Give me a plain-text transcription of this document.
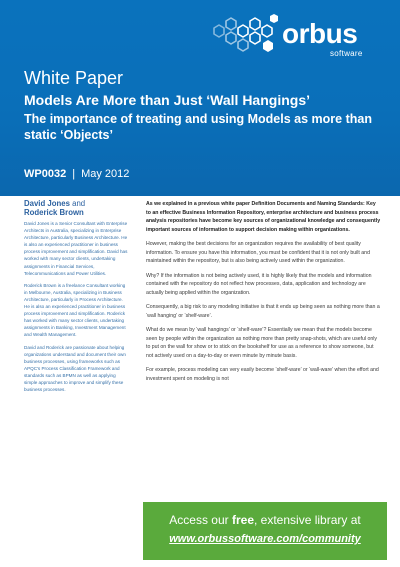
orbus
software
White Paper
Models Are More than Just ‘Wall Hangings’
The importance of treating and using Models as more than static ‘Objects’
WP0032 | May 2012
David Jones and
Roderick Brown

David Jones is a Senior Consultant with Enterprise Architects in Australia, specializing in Enterprise Architecture, particularly Business Architecture. He is also an experienced practitioner in business process improvement and simplification. David has worked with many sector clients, undertaking assignments in Financial Services, Telecommunications and Power Utilities.

Roderick Brown is a freelance Consultant working in Melbourne, Australia, specializing in Business Architecture, particularly in Process Architecture. He is also an experienced practitioner in business process improvement and simplification. Roderick has worked with many sector clients, undertaking assignments in Banking, Investment Management and Wealth Management.

David and Roderick are passionate about helping organizations understand and document their own business processes, using frameworks such as APQC's Process Classification Framework and standards such as BPMN as well as applying simple approaches to improve and simplify these business processes.

As we explained in a previous white paper Definition Documents and Naming Standards: Key to an effective Business Information Repository, enterprise architecture and business process analysis repositories have become key sources of organizational knowledge and consequently important sources of information to support decision making within organizations.

However, making the best decisions for an organization requires the availability of best quality information. To ensure you have this information, you must be confident that it is not only built and maintained within the repository, but is also being actively used within the organization.

Why? If the information is not being actively used, it is highly likely that the models and information contained with the repository do not reflect how processes, data, application and technology are actually being applied within the organization.

Consequently, a big risk to any modeling initiative is that it ends up being seen as nothing more than a ‘wall hanging’ or ‘shelf-ware’.

What do we mean by ‘wall hangings’ or ‘shelf-ware’? Essentially we mean that the models become seen by people within the organization as nothing more than pretty snap-shots, which are useful only to put on the wall for show or to stick on the bookshelf for use as a reference to show someone, but not actively used on a day-to-day or even minute by minute basis.

For example, process modeling can very easily become ‘shelf-ware’ or ‘wall-ware’ when the effort and investment spent on modeling is not

Access our free, extensive library at
www.orbussoftware.com/community
